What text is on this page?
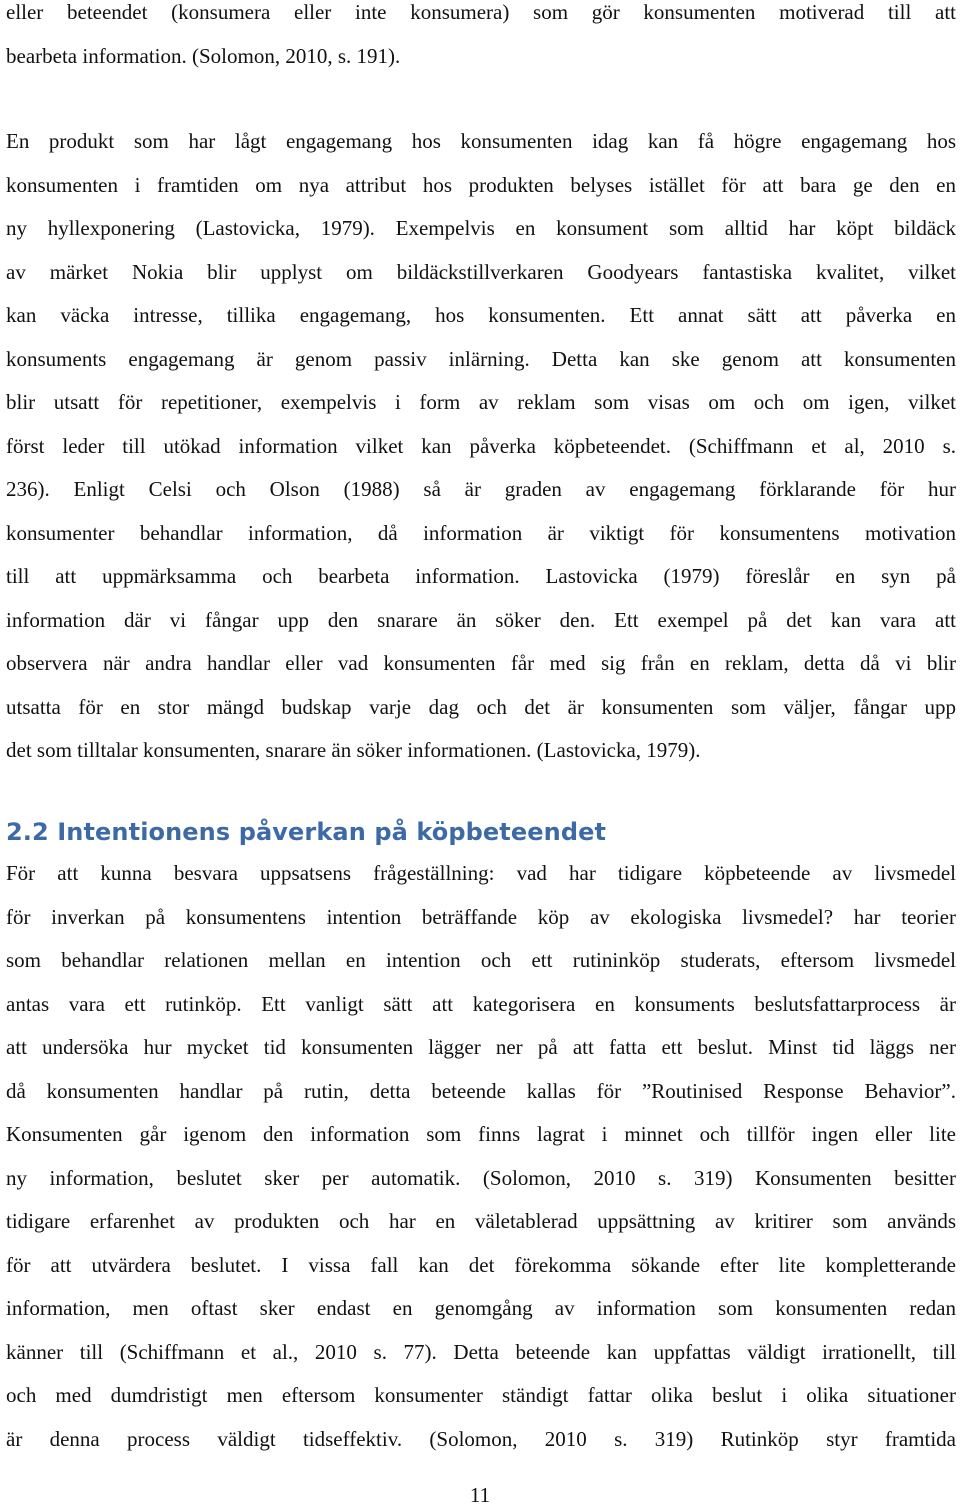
eller beteendet (konsumera eller inte konsumera) som gör konsumenten motiverad till att
bearbeta information. (Solomon, 2010, s. 191).
En produkt som har lågt engagemang hos konsumenten idag kan få högre engagemang hos
konsumenten i framtiden om nya attribut hos produkten belyses istället för att bara ge den en
ny hyllexponering (Lastovicka, 1979). Exempelvis en konsument som alltid har köpt bildäck
av märket Nokia blir upplyst om bildäckstillverkaren Goodyears fantastiska kvalitet, vilket
kan väcka intresse, tillika engagemang, hos konsumenten. Ett annat sätt att påverka en
konsuments engagemang är genom passiv inlärning. Detta kan ske genom att konsumenten
blir utsatt för repetitioner, exempelvis i form av reklam som visas om och om igen, vilket
först leder till utökad information vilket kan påverka köpbeteendet. (Schiffmann et al, 2010 s.
236). Enligt Celsi och Olson (1988) så är graden av engagemang förklarande för hur
konsumenter behandlar information, då information är viktigt för konsumentens motivation
till att uppmärksamma och bearbeta information. Lastovicka (1979) föreslår en syn på
information där vi fångar upp den snarare än söker den. Ett exempel på det kan vara att
observera när andra handlar eller vad konsumenten får med sig från en reklam, detta då vi blir
utsatta för en stor mängd budskap varje dag och det är konsumenten som väljer, fångar upp
det som tilltalar konsumenten, snarare än söker informationen. (Lastovicka, 1979).
2.2 Intentionens påverkan på köpbeteendet
För att kunna besvara uppsatsens frågeställning: vad har tidigare köpbeteende av livsmedel
för inverkan på konsumentens intention beträffande köp av ekologiska livsmedel? har teorier
som behandlar relationen mellan en intention och ett rutininköp studerats, eftersom livsmedel
antas vara ett rutinköp. Ett vanligt sätt att kategorisera en konsuments beslutsfattarprocess är
att undersöka hur mycket tid konsumenten lägger ner på att fatta ett beslut. Minst tid läggs ner
då konsumenten handlar på rutin, detta beteende kallas för ”Routinised Response Behavior”.
Konsumenten går igenom den information som finns lagrat i minnet och tillför ingen eller lite
ny information, beslutet sker per automatik. (Solomon, 2010 s. 319) Konsumenten besitter
tidigare erfarenhet av produkten och har en väletablerad uppsättning av kritirer som används
för att utvärdera beslutet. I vissa fall kan det förekomma sökande efter lite kompletterande
information, men oftast sker endast en genomgång av information som konsumenten redan
känner till (Schiffmann et al., 2010 s. 77). Detta beteende kan uppfattas väldigt irrationellt, till
och med dumdristigt men eftersom konsumenter ständigt fattar olika beslut i olika situationer
är denna process väldigt tidseffektiv. (Solomon, 2010 s. 319) Rutinköp styr framtida
11
